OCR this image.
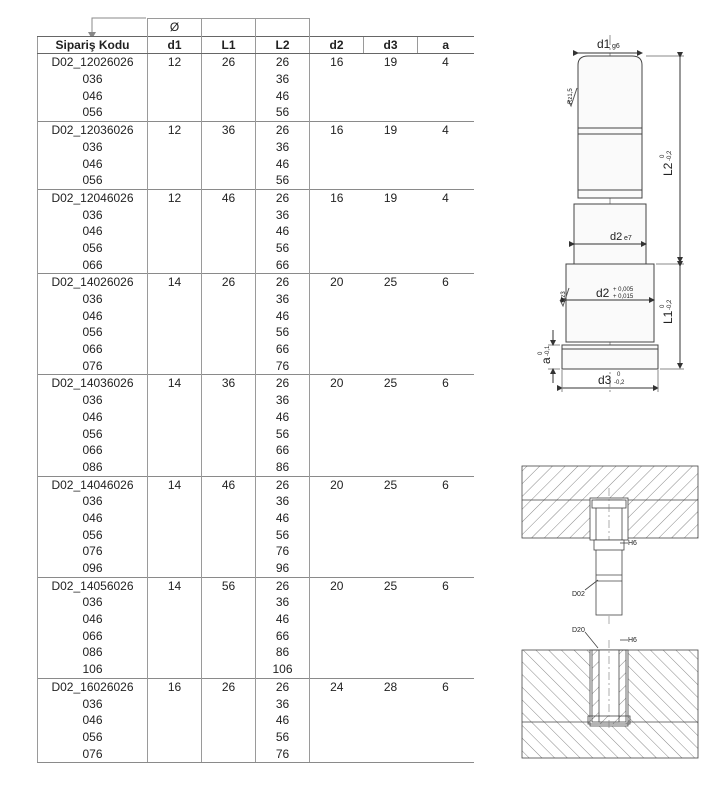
	Ø					
Sipariş Kodu	d1	L1	L2	d2	d3	a
D02_12026026	12	26	26	16	19	4
036			36			
046			46			
056			56			
D02_12036026	12	36	26	16	19	4
036			36			
046			46			
056			56			
D02_12046026	12	46	26	16	19	4
036			36			
046			46			
056			56			
066			66			
D02_14026026	14	26	26	20	25	6
036			36			
046			46			
056			56			
066			66			
076			76			
D02_14036026	14	36	26	20	25	6
036			36			
046			46			
056			56			
066			66			
086			86			
D02_14046026	14	46	26	20	25	6
036			36			
046			46			
056			56			
076			76			
096			96			
D02_14056026	14	56	26	20	25	6
036			36			
046			46			
066			66			
086			86			
106			106			
D02_16026026	16	26	26	24	28	6
036			36			
046			46			
056			56			
076			76			
d1 g6
d2 e7
d2 + 0,005
+ 0,015
d3 0
-0,2
L2
0 -0,2
L1
0 -0,2
a
0 -0,1
Rz1,5
Rz3
H6
D02
D20
H6
